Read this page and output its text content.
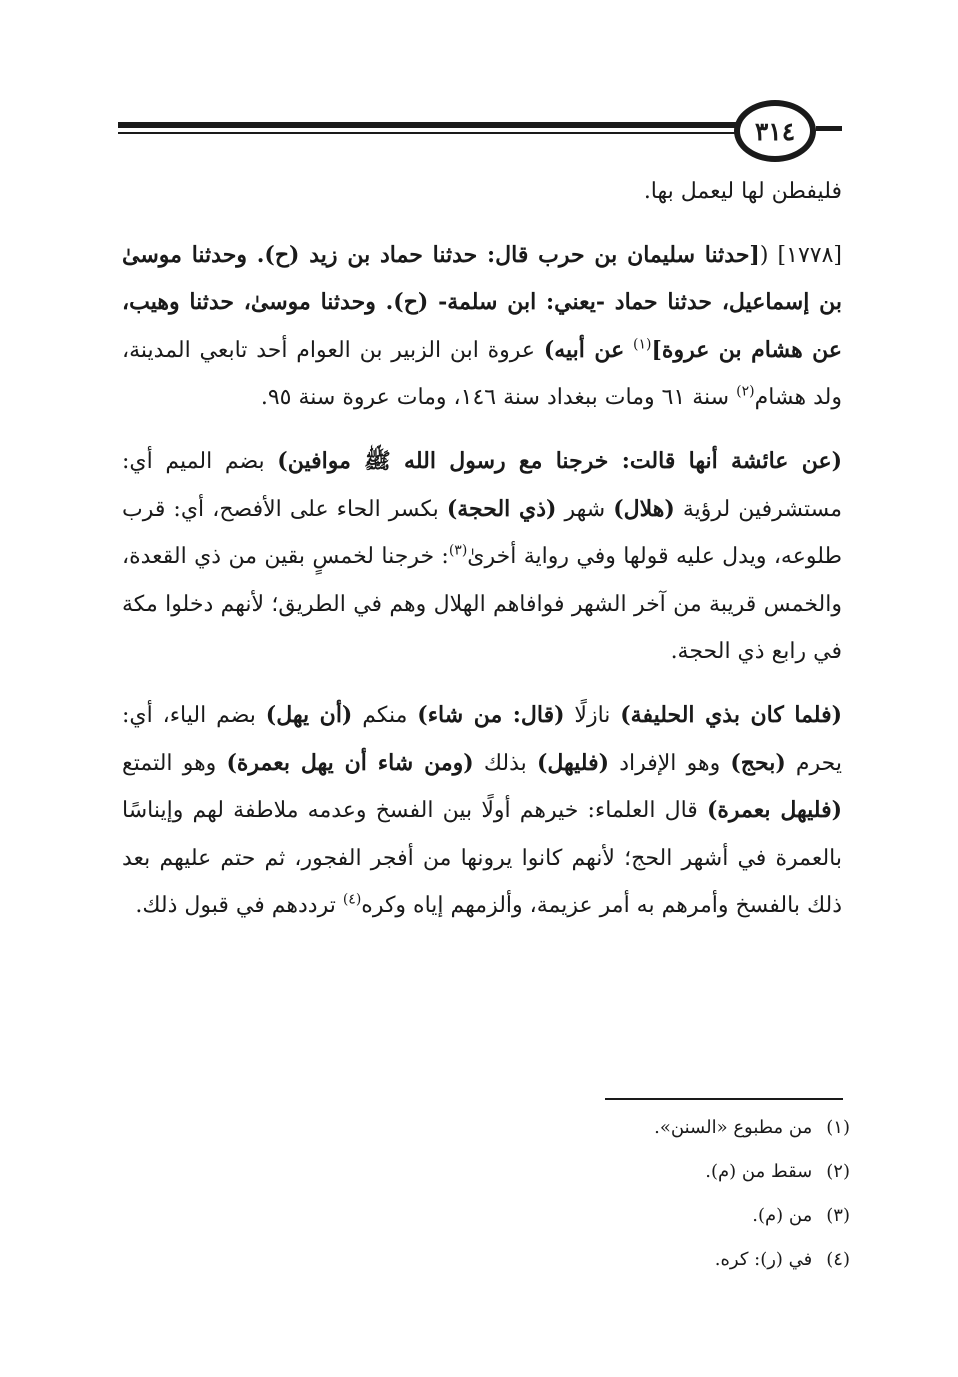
٣١٤

فليفطن لها ليعمل بها.

[١٧٧٨] ([حدثنا سليمان بن حرب قال: حدثنا حماد بن زيد (ح). وحدثنا موسىٰ بن إسماعيل، حدثنا حماد -يعني: ابن سلمة- (ح). وحدثنا موسىٰ، حدثنا وهيب، عن هشام بن عروة]$^{(١)}$ عن أبيه) عروة ابن الزبير بن العوام أحد تابعي المدينة، ولد هشام$^{(٢)}$ سنة ٦١ ومات ببغداد سنة ١٤٦، ومات عروة سنة ٩٥.

(عن عائشة أنها قالت: خرجنا مع رسول الله ﷺ موافين) بضم الميم أي: مستشرفين لرؤية (هلال) شهر (ذي الحجة) بكسر الحاء على الأفصح، أي: قرب طلوعه، ويدل عليه قولها وفي رواية أخرىٰ$^{(٣)}$: خرجنا لخمسٍ بقين من ذي القعدة، والخمس قريبة من آخر الشهر فوافاهم الهلال وهم في الطريق؛ لأنهم دخلوا مكة في رابع ذي الحجة.

(فلما كان بذي الحليفة) نازلًا (قال: من شاء) منكم (أن يهل) بضم الياء، أي: يحرم (بحج) وهو الإفراد (فليهل) بذلك (ومن شاء أن يهل بعمرة) وهو التمتع (فليهل بعمرة) قال العلماء: خيرهم أولًا بين الفسخ وعدمه ملاطفة لهم وإيناسًا بالعمرة في أشهر الحج؛ لأنهم كانوا يرونها من أفجر الفجور، ثم حتم عليهم بعد ذلك بالفسخ وأمرهم به أمر عزيمة، وألزمهم إياه وكره$^{(٤)}$ ترددهم في قبول ذلك.

(١)
من مطبوع «السنن».
(٢)
سقط من (م).
(٣)
من (م).
(٤)
في (ر): كره.
